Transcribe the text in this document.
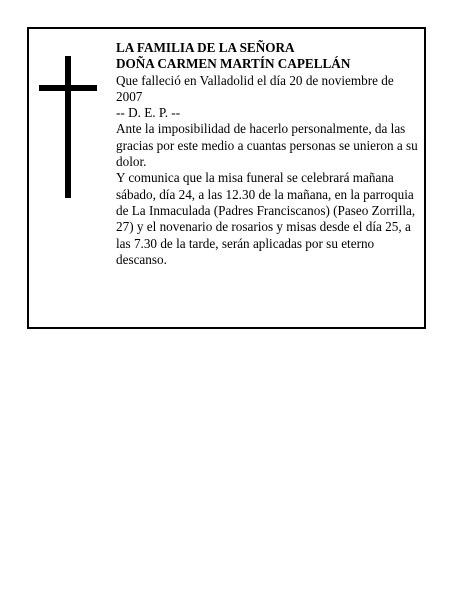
LA FAMILIA DE LA SEÑORA

DOÑA CARMEN MARTÍN CAPELLÁN

Que falleció en Valladolid el día 20 de noviembre de 2007

-- D. E. P. --

Ante la imposibilidad de hacerlo personalmente, da las gracias por este medio a cuantas personas se unieron a su dolor.

Y comunica que la misa funeral se celebrará mañana sábado, día 24, a las 12.30 de la mañana, en la parroquia de La Inmaculada (Padres Franciscanos) (Paseo Zorrilla, 27) y el novenario de rosarios y misas desde el día 25, a las 7.30 de la tarde, serán aplicadas por su eterno descanso.
